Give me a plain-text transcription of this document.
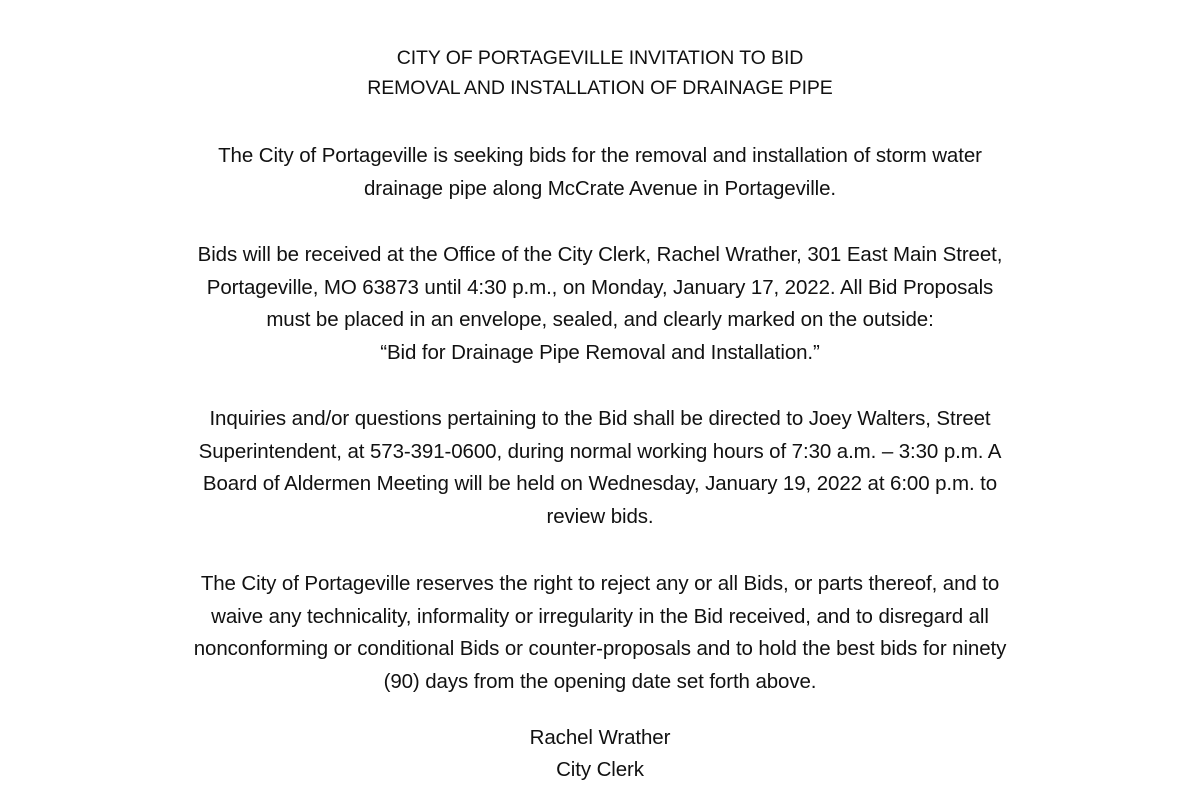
CITY OF PORTAGEVILLE INVITATION TO BID
REMOVAL AND INSTALLATION OF DRAINAGE PIPE

The City of Portageville is seeking bids for the removal and installation of storm water
drainage pipe along McCrate Avenue in Portageville.

Bids will be received at the Office of the City Clerk, Rachel Wrather, 301 East Main Street,
Portageville, MO 63873 until 4:30 p.m., on Monday, January 17, 2022. All Bid Proposals
must be placed in an envelope, sealed, and clearly marked on the outside:
“Bid for Drainage Pipe Removal and Installation.”

Inquiries and/or questions pertaining to the Bid shall be directed to Joey Walters, Street
Superintendent, at 573-391-0600, during normal working hours of 7:30 a.m. – 3:30 p.m. A
Board of Aldermen Meeting will be held on Wednesday, January 19, 2022 at 6:00 p.m. to
review bids.

The City of Portageville reserves the right to reject any or all Bids, or parts thereof, and to
waive any technicality, informality or irregularity in the Bid received, and to disregard all
nonconforming or conditional Bids or counter-proposals and to hold the best bids for ninety
(90) days from the opening date set forth above.

Rachel Wrather
City Clerk
